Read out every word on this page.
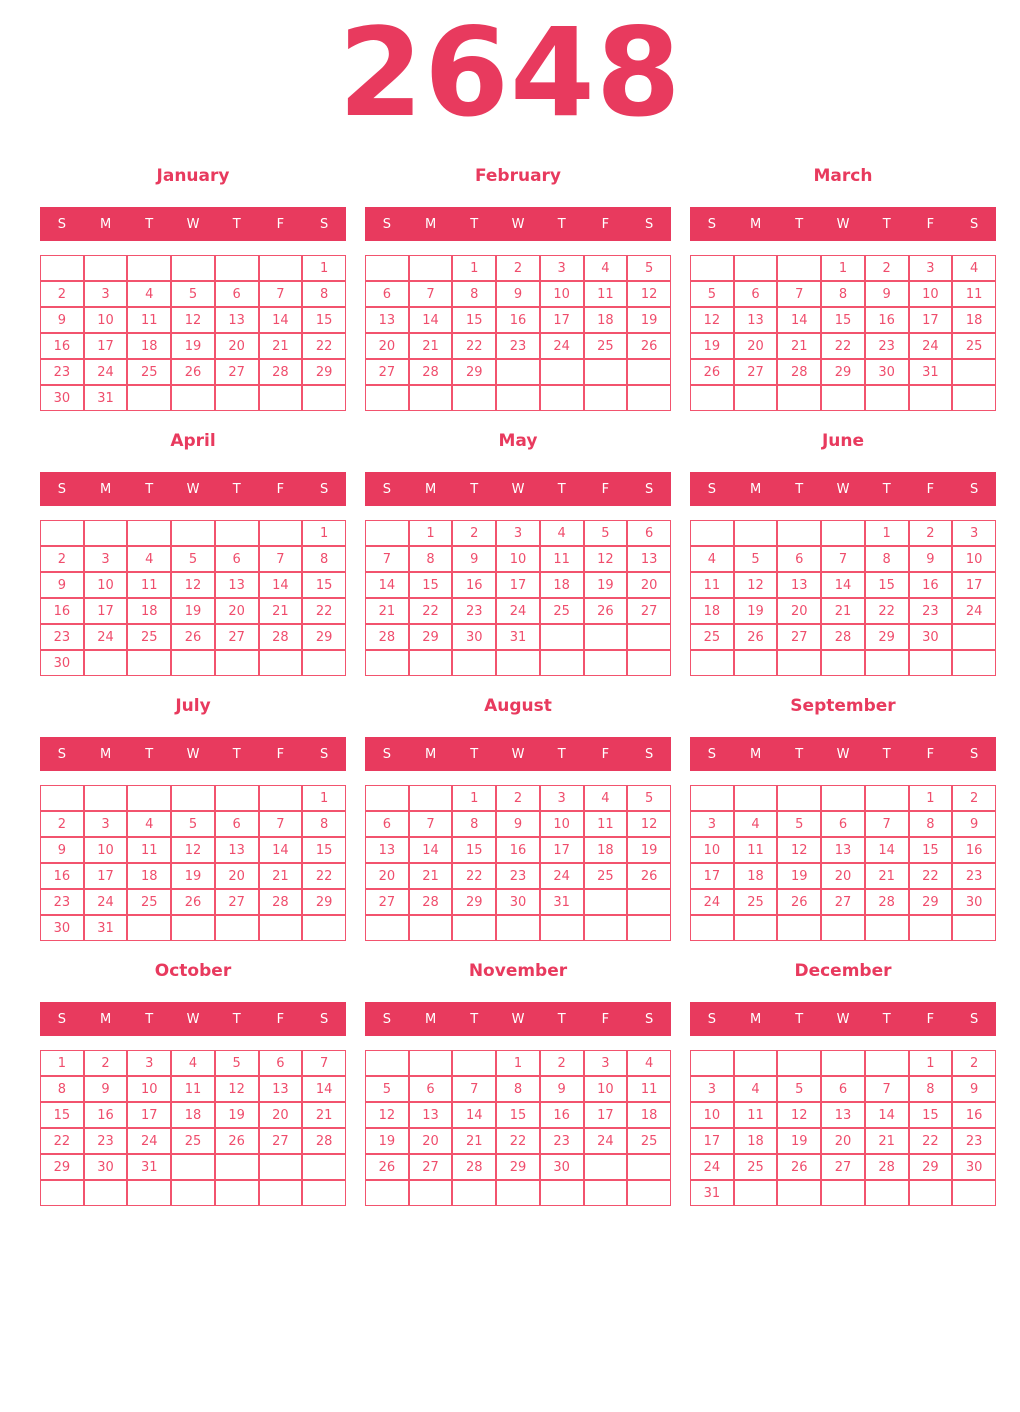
2648
January
S	M	T	W	T	F	S
						1
2	3	4	5	6	7	8
9	10	11	12	13	14	15
16	17	18	19	20	21	22
23	24	25	26	27	28	29
30	31					
February
S	M	T	W	T	F	S
		1	2	3	4	5
6	7	8	9	10	11	12
13	14	15	16	17	18	19
20	21	22	23	24	25	26
27	28	29				

March
S	M	T	W	T	F	S
			1	2	3	4
5	6	7	8	9	10	11
12	13	14	15	16	17	18
19	20	21	22	23	24	25
26	27	28	29	30	31	

April
S	M	T	W	T	F	S
						1
2	3	4	5	6	7	8
9	10	11	12	13	14	15
16	17	18	19	20	21	22
23	24	25	26	27	28	29
30						
May
S	M	T	W	T	F	S
	1	2	3	4	5	6
7	8	9	10	11	12	13
14	15	16	17	18	19	20
21	22	23	24	25	26	27
28	29	30	31			

June
S	M	T	W	T	F	S
				1	2	3
4	5	6	7	8	9	10
11	12	13	14	15	16	17
18	19	20	21	22	23	24
25	26	27	28	29	30	

July
S	M	T	W	T	F	S
						1
2	3	4	5	6	7	8
9	10	11	12	13	14	15
16	17	18	19	20	21	22
23	24	25	26	27	28	29
30	31					
August
S	M	T	W	T	F	S
		1	2	3	4	5
6	7	8	9	10	11	12
13	14	15	16	17	18	19
20	21	22	23	24	25	26
27	28	29	30	31		

September
S	M	T	W	T	F	S
					1	2
3	4	5	6	7	8	9
10	11	12	13	14	15	16
17	18	19	20	21	22	23
24	25	26	27	28	29	30

October
S	M	T	W	T	F	S
1	2	3	4	5	6	7
8	9	10	11	12	13	14
15	16	17	18	19	20	21
22	23	24	25	26	27	28
29	30	31				

November
S	M	T	W	T	F	S
			1	2	3	4
5	6	7	8	9	10	11
12	13	14	15	16	17	18
19	20	21	22	23	24	25
26	27	28	29	30		

December
S	M	T	W	T	F	S
					1	2
3	4	5	6	7	8	9
10	11	12	13	14	15	16
17	18	19	20	21	22	23
24	25	26	27	28	29	30
31						
